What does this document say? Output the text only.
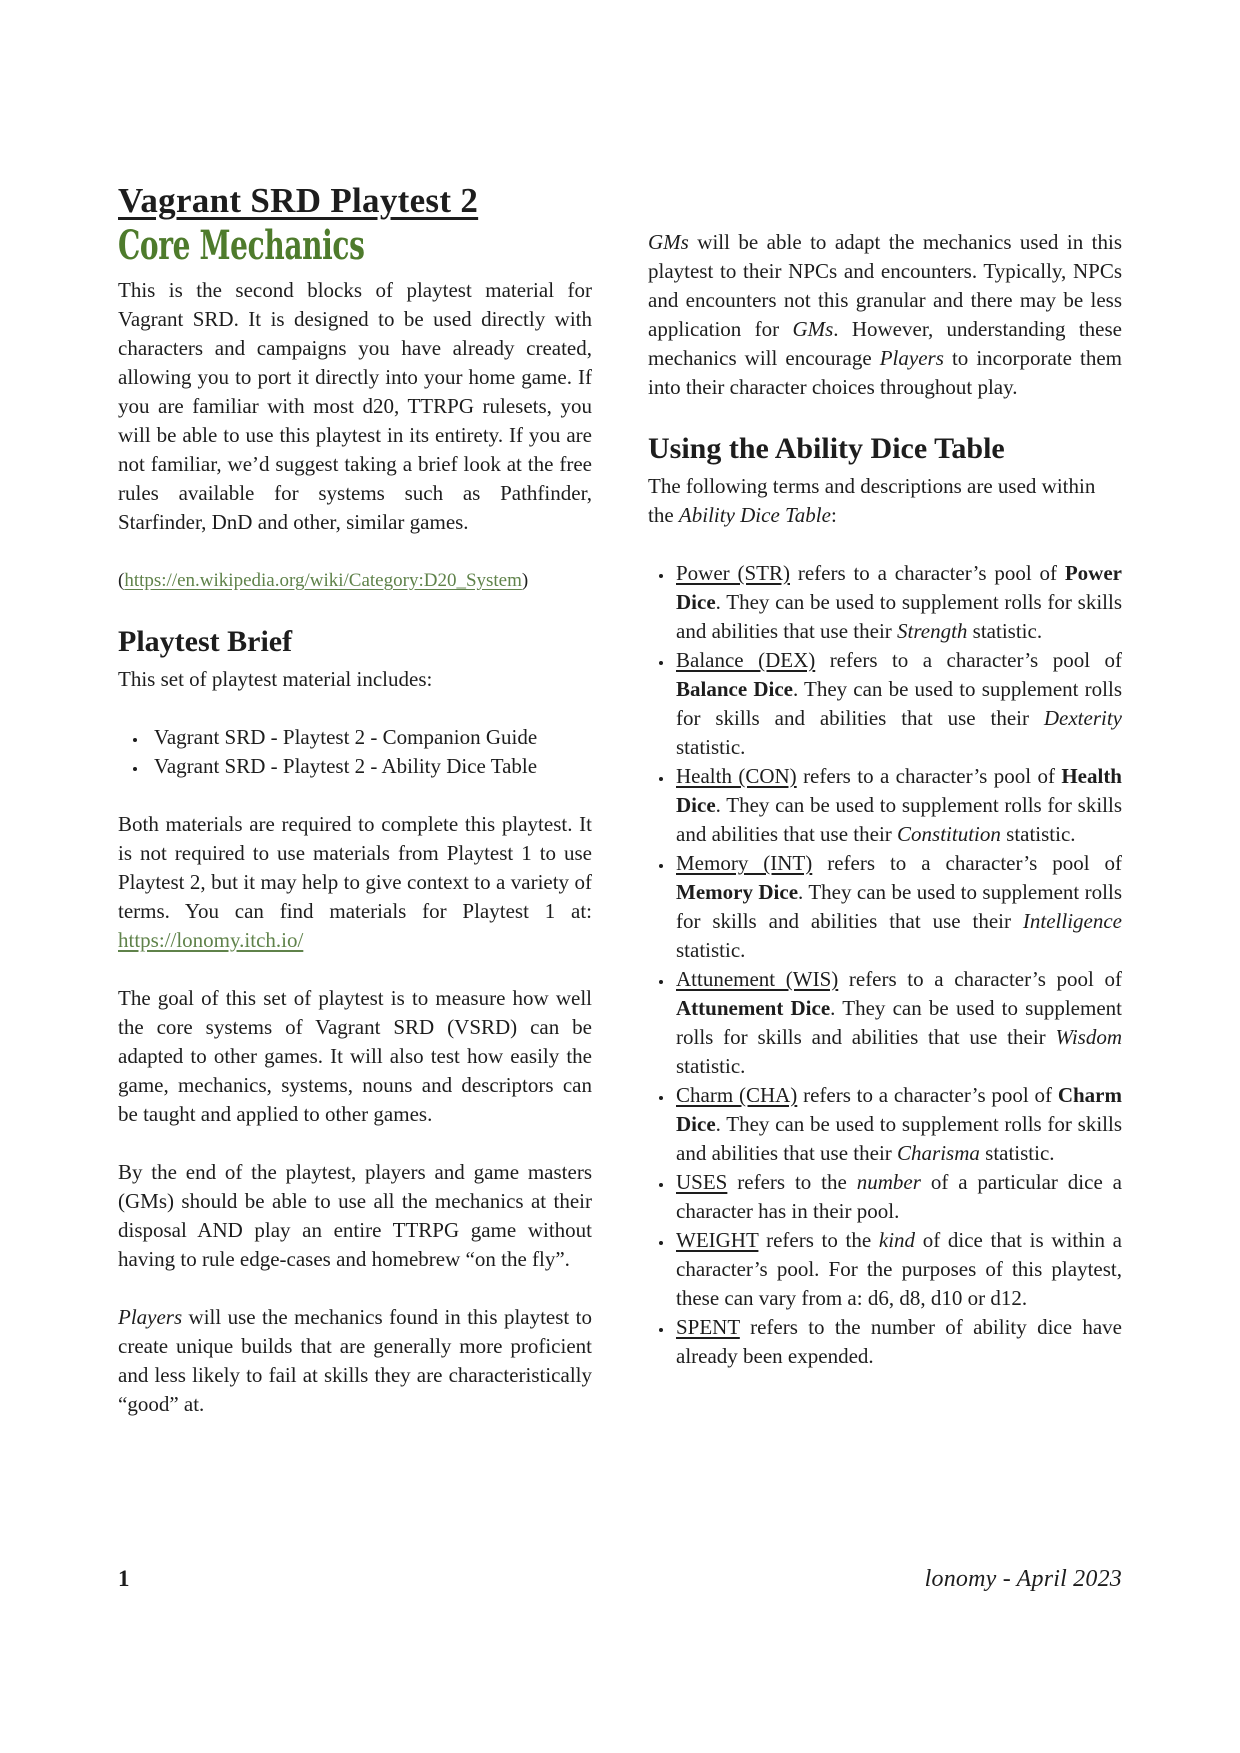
Vagrant SRD Playtest 2
Core Mechanics

This is the second blocks of playtest material for Vagrant SRD. It is designed to be used directly with characters and campaigns you have already created, allowing you to port it directly into your home game. If you are familiar with most d20, TTRPG rulesets, you will be able to use this playtest in its entirety. If you are not familiar, we’d suggest taking a brief look at the free rules available for systems such as Pathfinder, Starfinder, DnD and other, similar games.

(https://en.wikipedia.org/wiki/Category:D20_System)

Playtest Brief

This set of playtest material includes:

• Vagrant SRD - Playtest 2 - Companion Guide
• Vagrant SRD - Playtest 2 - Ability Dice Table

Both materials are required to complete this playtest. It is not required to use materials from Playtest 1 to use Playtest 2, but it may help to give context to a variety of terms. You can find materials for Playtest 1 at: https://lonomy.itch.io/

The goal of this set of playtest is to measure how well the core systems of Vagrant SRD (VSRD) can be adapted to other games. It will also test how easily the game, mechanics, systems, nouns and descriptors can be taught and applied to other games.

By the end of the playtest, players and game masters (GMs) should be able to use all the mechanics at their disposal AND play an entire TTRPG game without having to rule edge-cases and homebrew “on the fly”.

Players will use the mechanics found in this playtest to create unique builds that are generally more proficient and less likely to fail at skills they are characteristically “good” at.

GMs will be able to adapt the mechanics used in this playtest to their NPCs and encounters. Typically, NPCs and encounters not this granular and there may be less application for GMs. However, understanding these mechanics will encourage Players to incorporate them into their character choices throughout play.

Using the Ability Dice Table

The following terms and descriptions are used within the Ability Dice Table:

• Power (STR) refers to a character’s pool of Power Dice. They can be used to supplement rolls for skills and abilities that use their Strength statistic.
• Balance (DEX) refers to a character’s pool of Balance Dice. They can be used to supplement rolls for skills and abilities that use their Dexterity statistic.
• Health (CON) refers to a character’s pool of Health Dice. They can be used to supplement rolls for skills and abilities that use their Constitution statistic.
• Memory (INT) refers to a character’s pool of Memory Dice. They can be used to supplement rolls for skills and abilities that use their Intelligence statistic.
• Attunement (WIS) refers to a character’s pool of Attunement Dice. They can be used to supplement rolls for skills and abilities that use their Wisdom statistic.
• Charm (CHA) refers to a character’s pool of Charm Dice. They can be used to supplement rolls for skills and abilities that use their Charisma statistic.
• USES refers to the number of a particular dice a character has in their pool.
• WEIGHT refers to the kind of dice that is within a character’s pool. For the purposes of this playtest, these can vary from a: d6, d8, d10 or d12.
• SPENT refers to the number of ability dice have already been expended.
1	lonomy - April 2023
